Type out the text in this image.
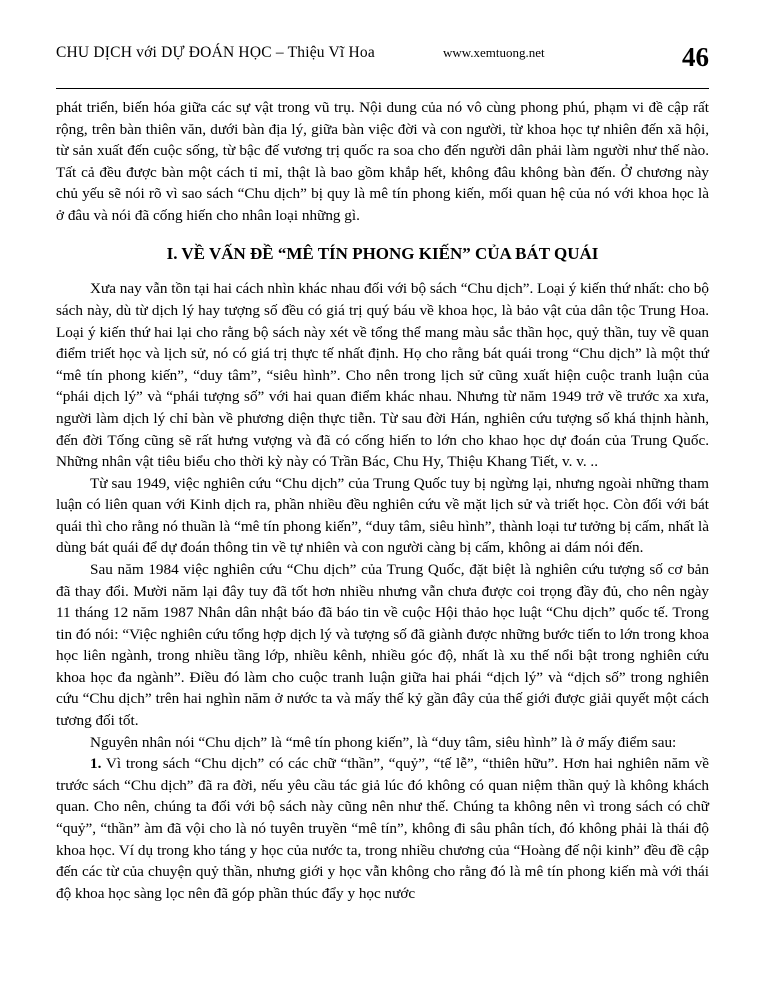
CHU DỊCH với DỰ ĐOÁN HỌC – Thiệu Vĩ Hoa	www.xemtuong.net	46

phát triển, biến hóa giữa các sự vật trong vũ trụ. Nội dung của nó vô cùng phong phú, phạm vi đề cập rất rộng, trên bàn thiên văn, dưới bàn địa lý, giữa bàn việc đời và con người, từ khoa học tự nhiên đến xã hội, từ sản xuất đến cuộc sống, từ bậc đế vương trị quốc ra soa cho đến người dân phải làm người như thế nào. Tất cả đều được bàn một cách tỉ mỉ, thật là bao gồm khắp hết, không đâu không bàn đến. Ở chương này chủ yếu sẽ nói rõ vì sao sách “Chu dịch” bị quy là mê tín phong kiến, mối quan hệ của nó với khoa học là ở đâu và nói đã cống hiến cho nhân loại những gì.

I. VỀ VẤN ĐỀ “MÊ TÍN PHONG KIẾN” CỦA BÁT QUÁI

Xưa nay vẫn tồn tại hai cách nhìn khác nhau đối với bộ sách “Chu dịch”. Loại ý kiến thứ nhất: cho bộ sách này, dù từ dịch lý hay tượng số đều có giá trị quý báu về khoa học, là bảo vật của dân tộc Trung Hoa. Loại ý kiến thứ hai lại cho rằng bộ sách này xét về tổng thể mang màu sắc thần học, quỷ thần, tuy về quan điểm triết học và lịch sử, nó có giá trị thực tế nhất định. Họ cho rằng bát quái trong “Chu dịch” là một thứ “mê tín phong kiến”, “duy tâm”, “siêu hình”. Cho nên trong lịch sử cũng xuất hiện cuộc tranh luận của “phái dịch lý” và “phái tượng số” với hai quan điểm khác nhau. Nhưng từ năm 1949 trở về trước xa xưa, người làm dịch lý chỉ bàn về phương diện thực tiễn. Từ sau đời Hán, nghiên cứu tượng số khá thịnh hành, đến đời Tống cũng sẽ rất hưng vượng và đã có cống hiến to lớn cho khao học dự đoán của Trung Quốc. Những nhân vật tiêu biểu cho thời kỳ này có Trần Bác, Chu Hy, Thiệu Khang Tiết, v. v. ..

Từ sau 1949, việc nghiên cứu “Chu dịch” của Trung Quốc tuy bị ngừng lại, nhưng ngoài những tham luận có liên quan với Kinh dịch ra, phần nhiều đều nghiên cứu về mặt lịch sử và triết học. Còn đối với bát quái thì cho rằng nó thuần là “mê tín phong kiến”, “duy tâm, siêu hình”, thành loại tư tưởng bị cấm, nhất là dùng bát quái để dự đoán thông tin về tự nhiên và con người càng bị cấm, không ai dám nói đến.

Sau năm 1984 việc nghiên cứu “Chu dịch” của Trung Quốc, đặt biệt là nghiên cứu tượng số cơ bản đã thay đổi. Mười năm lại đây tuy đã tốt hơn nhiều nhưng vẫn chưa được coi trọng đầy đủ, cho nên ngày 11 tháng 12 năm 1987 Nhân dân nhật báo đã báo tin về cuộc Hội thảo học luật “Chu dịch” quốc tế. Trong tin đó nói: “Việc nghiên cứu tổng hợp dịch lý và tượng số đã giành được những bước tiến to lớn trong khoa học liên ngành, trong nhiều tầng lớp, nhiều kênh, nhiều góc độ, nhất là xu thế nổi bật trong nghiên cứu khoa học đa ngành”. Điều đó làm cho cuộc tranh luận giữa hai phái “dịch lý” và “dịch số” trong nghiên cứu “Chu dịch” trên hai nghìn năm ở nước ta và mấy thế kỷ gần đây của thế giới được giải quyết một cách tương đối tốt.

Nguyên nhân nói “Chu dịch” là “mê tín phong kiến”, là “duy tâm, siêu hình” là ở mấy điểm sau:

1. Vì trong sách “Chu dịch” có các chữ “thần”, “quỷ”, “tế lễ”, “thiên hữu”. Hơn hai nghiên năm về trước sách “Chu dịch” đã ra đời, nếu yêu cầu tác giả lúc đó không có quan niệm thần quỷ là không khách quan. Cho nên, chúng ta đối với bộ sách này cũng nên như thế. Chúng ta không nên vì trong sách có chữ “quỷ”, “thần” àm đã vội cho là nó tuyên truyền “mê tín”, không đi sâu phân tích, đó không phải là thái độ khoa học. Ví dụ trong kho táng y học của nước ta, trong nhiều chương của “Hoàng đế nội kinh” đều đề cập đến các từ của chuyện quỷ thần, nhưng giới y học vẫn không cho rằng đó là mê tín phong kiến mà với thái độ khoa học sàng lọc nên đã góp phần thúc đẩy y học nước
